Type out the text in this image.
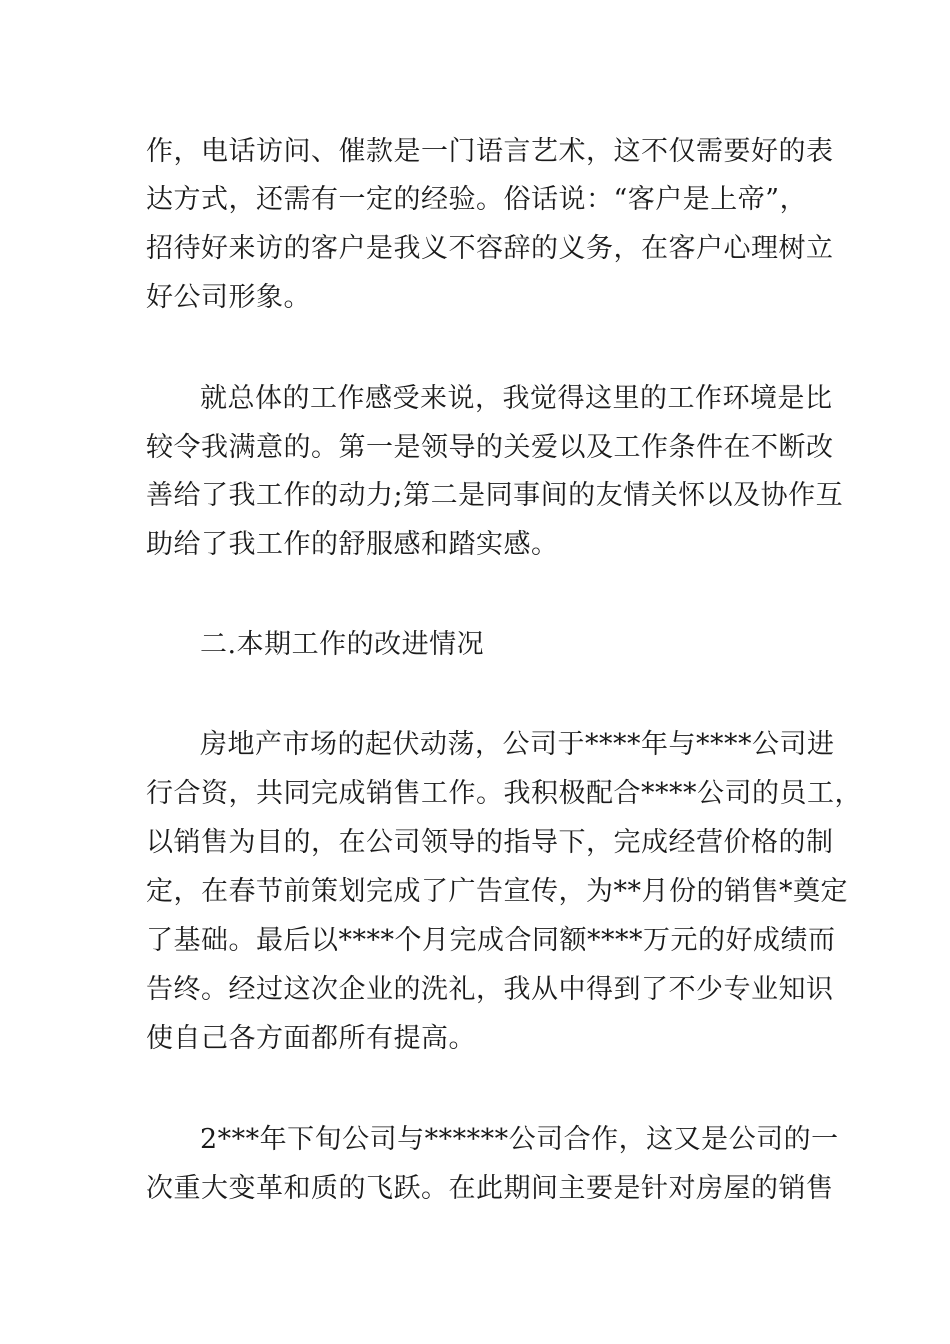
作，电话访问、催款是一门语言艺术，这不仅需要好的表
达方式，还需有一定的经验。俗话说：“客户是上帝”，
招待好来访的客户是我义不容辞的义务，在客户心理树立
好公司形象。
就总体的工作感受来说，我觉得这里的工作环境是比
较令我满意的。第一是领导的关爱以及工作条件在不断改
善给了我工作的动力;第二是同事间的友情关怀以及协作互
助给了我工作的舒服感和踏实感。
二.本期工作的改进情况
房地产市场的起伏动荡，公司于****年与****公司进
行合资，共同完成销售工作。我积极配合****公司的员工，
以销售为目的，在公司领导的指导下，完成经营价格的制
定，在春节前策划完成了广告宣传，为**月份的销售*奠定
了基础。最后以****个月完成合同额****万元的好成绩而
告终。经过这次企业的洗礼，我从中得到了不少专业知识
使自己各方面都所有提高。
2***年下旬公司与******公司合作，这又是公司的一
次重大变革和质的飞跃。在此期间主要是针对房屋的销售
